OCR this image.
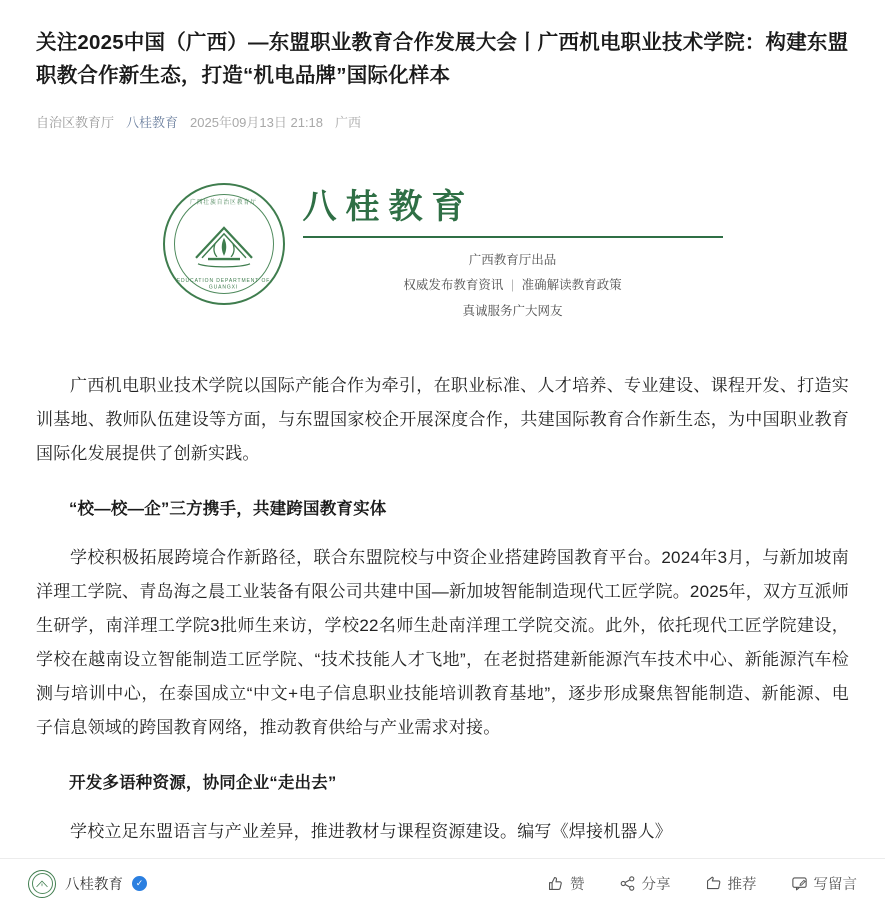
关注2025中国（广西）—东盟职业教育合作发展大会丨广西机电职业技术学院：构建东盟职教合作新生态，打造“机电品牌”国际化样本
自治区教育厅 八桂教育 2025年09月13日 21:18 广西
广西壮族自治区教育厅
EDUCATION DEPARTMENT OF GUANGXI
八桂教育
广西教育厅出品
权威发布教育资讯 | 准确解读教育政策
真诚服务广大网友

广西机电职业技术学院以国际产能合作为牵引，在职业标准、人才培养、专业建设、课程开发、打造实训基地、教师队伍建设等方面，与东盟国家校企开展深度合作，共建国际教育合作新生态，为中国职业教育国际化发展提供了创新实践。

“校—校—企”三方携手，共建跨国教育实体

学校积极拓展跨境合作新路径，联合东盟院校与中资企业搭建跨国教育平台。2024年3月，与新加坡南洋理工学院、青岛海之晨工业装备有限公司共建中国—新加坡智能制造现代工匠学院。2025年，双方互派师生研学，南洋理工学院3批师生来访，学校22名师生赴南洋理工学院交流。此外，依托现代工匠学院建设，学校在越南设立智能制造工匠学院、“技术技能人才飞地”，在老挝搭建新能源汽车技术中心、新能源汽车检测与培训中心，在泰国成立“中文+电子信息职业技能培训教育基地”，逐步形成聚焦智能制造、新能源、电子信息领域的跨国教育网络，推动教育供给与产业需求对接。

开发多语种资源，协同企业“走出去”

学校立足东盟语言与产业差异，推进教材与课程资源建设。编写《焊接机器人》

八桂教育	✓	赞	分享	推荐	写留言
